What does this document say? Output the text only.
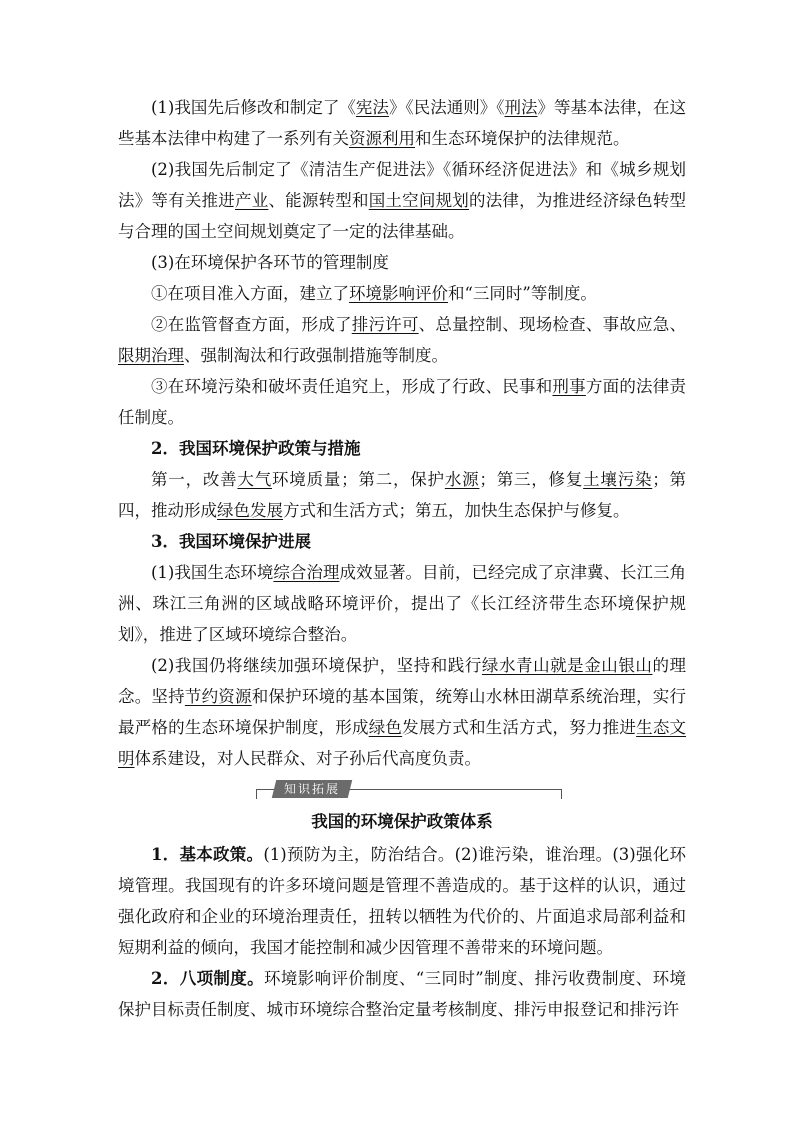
(1)我国先后修改和制定了《宪法》《民法通则》《刑法》等基本法律，在这些基本法律中构建了一系列有关资源利用和生态环境保护的法律规范。

(2)我国先后制定了《清洁生产促进法》《循环经济促进法》和《城乡规划法》等有关推进产业、能源转型和国土空间规划的法律，为推进经济绿色转型与合理的国土空间规划奠定了一定的法律基础。

(3)在环境保护各环节的管理制度

①在项目准入方面，建立了环境影响评价和“三同时”等制度。

②在监管督查方面，形成了排污许可、总量控制、现场检查、事故应急、限期治理、强制淘汰和行政强制措施等制度。

③在环境污染和破坏责任追究上，形成了行政、民事和刑事方面的法律责任制度。

2．我国环境保护政策与措施

第一，改善大气环境质量；第二，保护水源；第三，修复土壤污染；第四，推动形成绿色发展方式和生活方式；第五，加快生态保护与修复。

3．我国环境保护进展

(1)我国生态环境综合治理成效显著。目前，已经完成了京津冀、长江三角洲、珠江三角洲的区域战略环境评价，提出了《长江经济带生态环境保护规划》，推进了区域环境综合整治。

(2)我国仍将继续加强环境保护，坚持和践行绿水青山就是金山银山的理念。坚持节约资源和保护环境的基本国策，统筹山水林田湖草系统治理，实行最严格的生态环境保护制度，形成绿色发展方式和生活方式，努力推进生态文明体系建设，对人民群众、对子孙后代高度负责。

知识拓展

我国的环境保护政策体系

1．基本政策。(1)预防为主，防治结合。(2)谁污染，谁治理。(3)强化环境管理。我国现有的许多环境问题是管理不善造成的。基于这样的认识，通过强化政府和企业的环境治理责任，扭转以牺牲为代价的、片面追求局部利益和短期利益的倾向，我国才能控制和减少因管理不善带来的环境问题。

2．八项制度。环境影响评价制度、“三同时”制度、排污收费制度、环境保护目标责任制度、城市环境综合整治定量考核制度、排污申报登记和排污许
